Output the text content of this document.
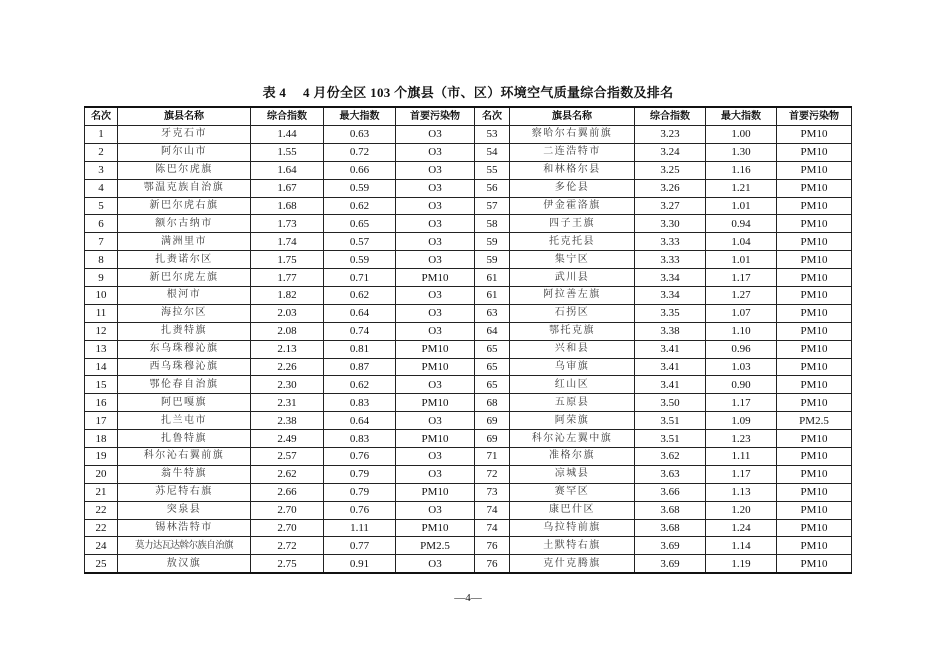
表 4　 4 月份全区 103 个旗县（市、区）环境空气质量综合指数及排名
名次	旗县名称	综合指数	最大指数	首要污染物	名次	旗县名称	综合指数	最大指数	首要污染物
1	牙克石市	1.44	0.63	O3	53	察哈尔右翼前旗	3.23	1.00	PM10
2	阿尔山市	1.55	0.72	O3	54	二连浩特市	3.24	1.30	PM10
3	陈巴尔虎旗	1.64	0.66	O3	55	和林格尔县	3.25	1.16	PM10
4	鄂温克族自治旗	1.67	0.59	O3	56	多伦县	3.26	1.21	PM10
5	新巴尔虎右旗	1.68	0.62	O3	57	伊金霍洛旗	3.27	1.01	PM10
6	额尔古纳市	1.73	0.65	O3	58	四子王旗	3.30	0.94	PM10
7	满洲里市	1.74	0.57	O3	59	托克托县	3.33	1.04	PM10
8	扎赉诺尔区	1.75	0.59	O3	59	集宁区	3.33	1.01	PM10
9	新巴尔虎左旗	1.77	0.71	PM10	61	武川县	3.34	1.17	PM10
10	根河市	1.82	0.62	O3	61	阿拉善左旗	3.34	1.27	PM10
11	海拉尔区	2.03	0.64	O3	63	石拐区	3.35	1.07	PM10
12	扎赉特旗	2.08	0.74	O3	64	鄂托克旗	3.38	1.10	PM10
13	东乌珠穆沁旗	2.13	0.81	PM10	65	兴和县	3.41	0.96	PM10
14	西乌珠穆沁旗	2.26	0.87	PM10	65	乌审旗	3.41	1.03	PM10
15	鄂伦春自治旗	2.30	0.62	O3	65	红山区	3.41	0.90	PM10
16	阿巴嘎旗	2.31	0.83	PM10	68	五原县	3.50	1.17	PM10
17	扎兰屯市	2.38	0.64	O3	69	阿荣旗	3.51	1.09	PM2.5
18	扎鲁特旗	2.49	0.83	PM10	69	科尔沁左翼中旗	3.51	1.23	PM10
19	科尔沁右翼前旗	2.57	0.76	O3	71	准格尔旗	3.62	1.11	PM10
20	翁牛特旗	2.62	0.79	O3	72	凉城县	3.63	1.17	PM10
21	苏尼特右旗	2.66	0.79	PM10	73	赛罕区	3.66	1.13	PM10
22	突泉县	2.70	0.76	O3	74	康巴什区	3.68	1.20	PM10
22	锡林浩特市	2.70	1.11	PM10	74	乌拉特前旗	3.68	1.24	PM10
24	莫力达瓦达斡尔族自治旗	2.72	0.77	PM2.5	76	土默特右旗	3.69	1.14	PM10
25	敖汉旗	2.75	0.91	O3	76	克什克腾旗	3.69	1.19	PM10
—4—
